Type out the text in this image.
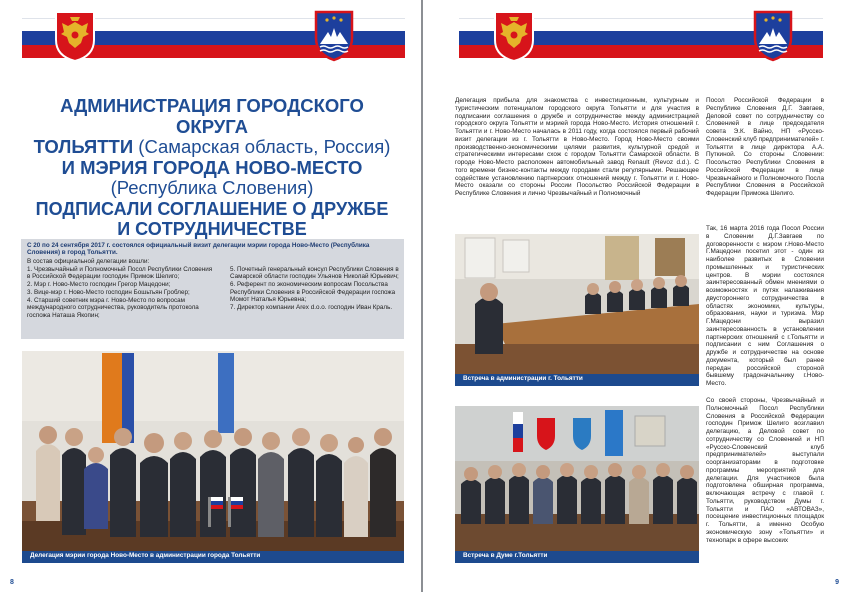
АДМИНИСТРАЦИЯ ГОРОДСКОГО ОКРУГА
ТОЛЬЯТТИ (Самарская область, Россия)
И МЭРИЯ ГОРОДА НОВО-МЕСТО
(Республика Словения)
ПОДПИСАЛИ СОГЛАШЕНИЕ О ДРУЖБЕ
И СОТРУДНИЧЕСТВЕ
С 20 по 24 сентября 2017 г. состоялся официальный визит делегации мэрии города Ново-Место (Республика Словения) в город Тольятти.
В состав официальной делегации вошли:
1. Чрезвычайный и Полномочный Посол Республики Словения в Российской Федерации господин Примож Шелиго;
2. Мэр г. Ново-Место господин Грегор Мацедони;
3. Вице-мэр г. Ново-Место господин Бошьтьян Гроблер;
4. Старший советник мэра г. Ново-Место по вопросам международного сотрудничества, руководитель протокола госпожа Наташа Якопин;
5. Почетный генеральный консул Республики Словения в Самарской области господин Ульянов Николай Юрьевич;
6. Референт по экономическим вопросам Посольства Республики Словения в Российской Федерации госпожа Момот Наталья Юрьевна;
7. Директор компании Arex d.o.o. господин Иван Краль.
Делегация мэрии города Ново-Место в администрации города Тольятти
8
Делегация прибыла для знакомства с инвестиционным, культурным и туристическим потенциалом городского округа Тольятти и для участия в подписании соглашения о дружбе и сотрудничестве между администрацией городского округа Тольятти и мэрией города Ново-Место. История отношений г. Тольятти и г. Ново-Место началась в 2011 году, когда состоялся первый рабочий визит делегации из г. Тольятти в Ново-Место. Город Ново-Место своими производственно-экономическими целями развития, культурной средой и стратегическими интересами схож с городом Тольятти Самарской области. В городе Ново-Место расположен автомобильный завод Renault (Revoz d.d.). С того времени бизнес-контакты между городами стали регулярными. Решающее содействие установлению партнерских отношений между г. Тольятти и г. Ново-Место оказали со стороны России Посольство Российской Федерации в Республике Словения и лично Чрезвычайный и Полномочный
Посол Российской Федерации в Республике Словения Д.Г. Завгаев, Деловой совет по сотрудничеству со Словенией в лице председателя совета Э.К. Вайно, НП «Русско-Словенский клуб предпринимателей» г. Тольятти в лице директора А.А. Путкиной. Со стороны Словении: Посольство Республики Словения в Российской Федерации в лице Чрезвычайного и Полномочного Посла Республики Словения в Российской Федерации Приможа Шелиго.
Так, 16 марта 2016 года Посол России в Словении Д.Г.Завгаев по договоренности с мэром г.Ново-Место Г.Мацедони посетил этот - один из наиболее развитых в Словении промышленных и туристических центров. В мэрии состоялся заинтересованный обмен мнениями о возможностях и путях налаживания двустороннего сотрудничества в областях экономики, культуры, образования, науки и туризма. Мэр Г.Мацедони выразил заинтересованность в установлении партнерских отношений с г.Тольятти и подписании с ним Соглашения о дружбе и сотрудничестве на основе документа, который был ранее передан российской стороной бывшему градоначальнику г.Ново-Место.
Со своей стороны, Чрезвычайный и Полномочный Посол Республики Словения в Российской Федерации господин Примож Шелиго возглавил делегацию, а Деловой совет по сотрудничеству со Словенией и НП «Русско-Словенский клуб предпринимателей» выступали соорганизаторами в подготовке программы мероприятий для делегации. Для участников была подготовлена обширная программа, включающая встречу с главой г. Тольятти, руководством Думы г. Тольятти и ПАО «АВТОВАЗ», посещение инвестиционных площадок г. Тольятти, а именно Особую экономическую зону «Тольятти» и технопарк в сфере высоких
Встреча в администрации г. Тольятти
Встреча в Думе г.Тольятти
9
